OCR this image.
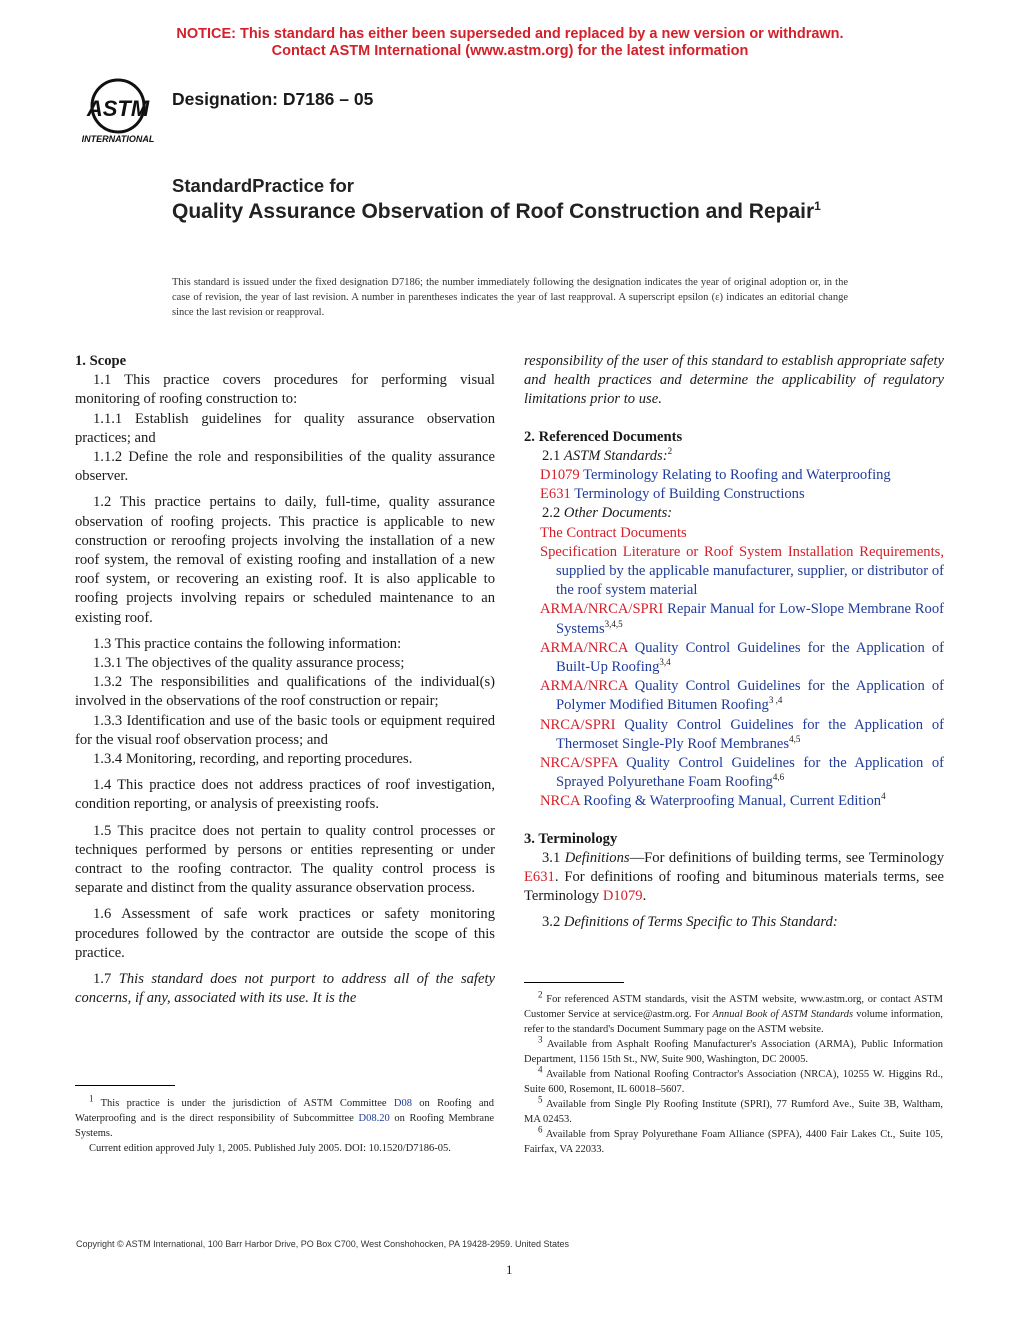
NOTICE: This standard has either been superseded and replaced by a new version or withdrawn.
Contact ASTM International (www.astm.org) for the latest information
ASTM
INTERNATIONAL
Designation: D7186 – 05
StandardPractice for
Quality Assurance Observation of Roof Construction and Repair$^1$
This standard is issued under the fixed designation D7186; the number immediately following the designation indicates the year of original adoption or, in the case of revision, the year of last revision. A number in parentheses indicates the year of last reapproval. A superscript epsilon (ε) indicates an editorial change since the last revision or reapproval.

1. Scope

1.1 This practice covers procedures for performing visual monitoring of roofing construction to:

1.1.1 Establish guidelines for quality assurance observation practices; and

1.1.2 Define the role and responsibilities of the quality assurance observer.

1.2 This practice pertains to daily, full-time, quality assurance observation of roofing projects. This practice is applicable to new construction or reroofing projects involving the installation of a new roof system, the removal of existing roofing and installation of a new roof system, or recovering an existing roof. It is also applicable to roofing projects involving repairs or scheduled maintenance to an existing roof.

1.3 This practice contains the following information:

1.3.1 The objectives of the quality assurance process;

1.3.2 The responsibilities and qualifications of the individual(s) involved in the observations of the roof construction or repair;

1.3.3 Identification and use of the basic tools or equipment required for the visual roof observation process; and

1.3.4 Monitoring, recording, and reporting procedures.

1.4 This practice does not address practices of roof investigation, condition reporting, or analysis of preexisting roofs.

1.5 This pracitce does not pertain to quality control processes or techniques performed by persons or entities representing or under contract to the roofing contractor. The quality control process is separate and distinct from the quality assurance observation process.

1.6 Assessment of safe work practices or safety monitoring procedures followed by the contractor are outside the scope of this practice.

1.7 This standard does not purport to address all of the safety concerns, if any, associated with its use. It is the

$^1$ This practice is under the jurisdiction of ASTM Committee D08 on Roofing and Waterproofing and is the direct responsibility of Subcommittee D08.20 on Roofing Membrane Systems.

Current edition approved July 1, 2005. Published July 2005. DOI: 10.1520/D7186-05.

responsibility of the user of this standard to establish appropriate safety and health practices and determine the applicability of regulatory limitations prior to use.

2. Referenced Documents

2.1 ASTM Standards:$^2$

D1079 Terminology Relating to Roofing and Waterproofing

E631 Terminology of Building Constructions

2.2 Other Documents:

The Contract Documents

Specification Literature or Roof System Installation Requirements, supplied by the applicable manufacturer, supplier, or distributor of the roof system material

ARMA/NRCA/SPRI Repair Manual for Low-Slope Membrane Roof Systems$^{3,4,5}$

ARMA/NRCA Quality Control Guidelines for the Application of Built-Up Roofing$^{3,4}$

ARMA/NRCA Quality Control Guidelines for the Application of Polymer Modified Bitumen Roofing$^{3 ,4}$

NRCA/SPRI Quality Control Guidelines for the Application of Thermoset Single-Ply Roof Membranes$^{4,5}$

NRCA/SPFA Quality Control Guidelines for the Application of Sprayed Polyurethane Foam Roofing$^{4,6}$

NRCA Roofing & Waterproofing Manual, Current Edition$^4$

3. Terminology

3.1 Definitions—For definitions of building terms, see Terminology E631. For definitions of roofing and bituminous materials terms, see Terminology D1079.

3.2 Definitions of Terms Specific to This Standard:

$^2$ For referenced ASTM standards, visit the ASTM website, www.astm.org, or contact ASTM Customer Service at service@astm.org. For Annual Book of ASTM Standards volume information, refer to the standard's Document Summary page on the ASTM website.

$^3$ Available from Asphalt Roofing Manufacturer's Association (ARMA), Public Information Department, 1156 15th St., NW, Suite 900, Washington, DC 20005.

$^4$ Available from National Roofing Contractor's Association (NRCA), 10255 W. Higgins Rd., Suite 600, Rosemont, IL 60018–5607.

$^5$ Available from Single Ply Roofing Institute (SPRI), 77 Rumford Ave., Suite 3B, Waltham, MA 02453.

$^6$ Available from Spray Polyurethane Foam Alliance (SPFA), 4400 Fair Lakes Ct., Suite 105, Fairfax, VA 22033.

Copyright © ASTM International, 100 Barr Harbor Drive, PO Box C700, West Conshohocken, PA 19428-2959. United States
1
